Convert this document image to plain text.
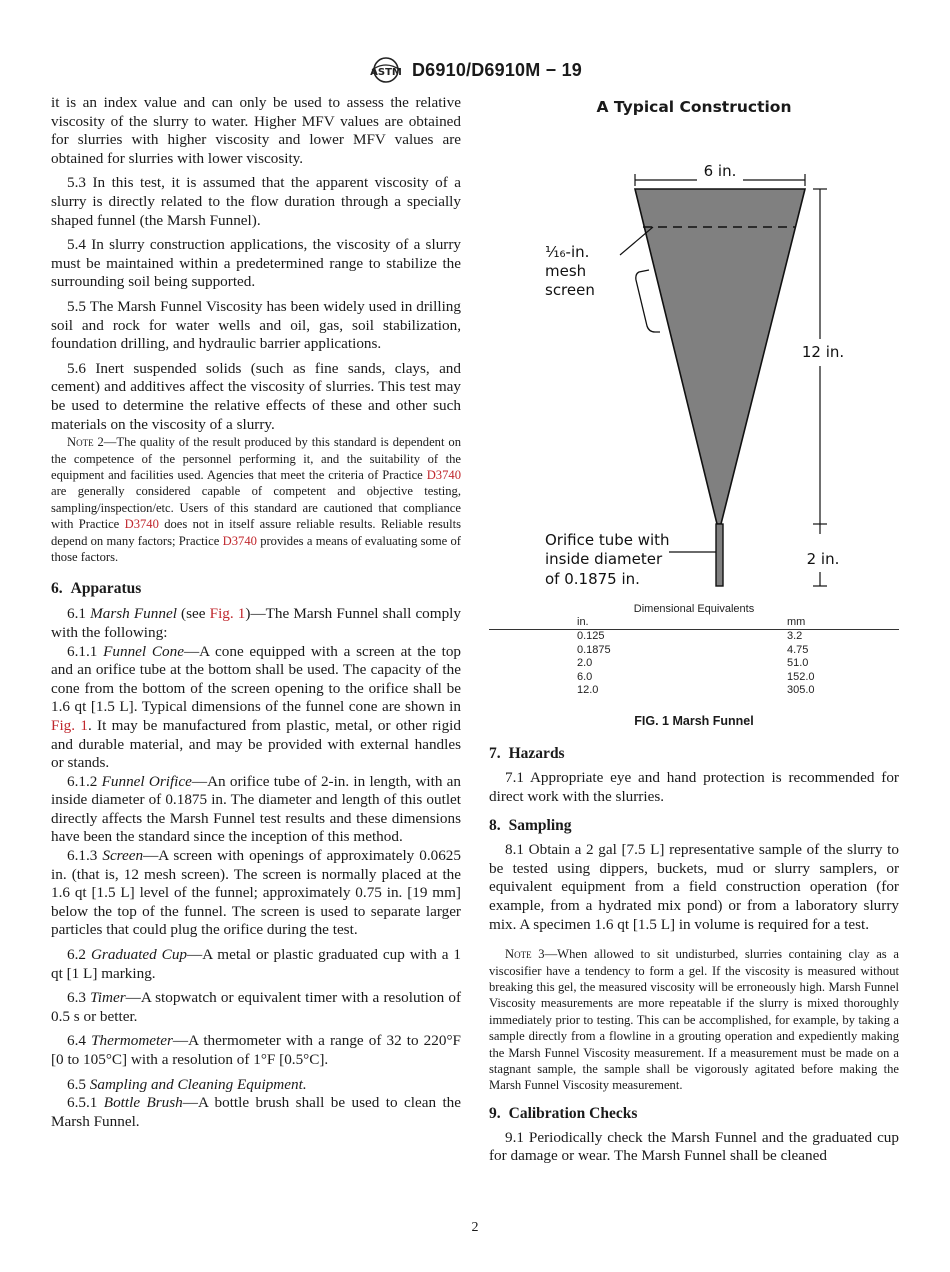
ASTM D6910/D6910M − 19

it is an index value and can only be used to assess the relative viscosity of the slurry to water. Higher MFV values are obtained for slurries with higher viscosity and lower MFV values are obtained for slurries with lower viscosity.

5.3 In this test, it is assumed that the apparent viscosity of a slurry is directly related to the flow duration through a specially shaped funnel (the Marsh Funnel).

5.4 In slurry construction applications, the viscosity of a slurry must be maintained within a predetermined range to stabilize the surrounding soil being supported.

5.5 The Marsh Funnel Viscosity has been widely used in drilling soil and rock for water wells and oil, gas, soil stabilization, foundation drilling, and hydraulic barrier applications.

5.6 Inert suspended solids (such as fine sands, clays, and cement) and additives affect the viscosity of slurries. This test may be used to determine the relative effects of these and other such materials on the viscosity of a slurry.

Note 2—The quality of the result produced by this standard is dependent on the competence of the personnel performing it, and the suitability of the equipment and facilities used. Agencies that meet the criteria of Practice D3740 are generally considered capable of competent and objective testing, sampling/inspection/etc. Users of this standard are cautioned that compliance with Practice D3740 does not in itself assure reliable results. Reliable results depend on many factors; Practice D3740 provides a means of evaluating some of those factors.

6. Apparatus

6.1 Marsh Funnel (see Fig. 1)—The Marsh Funnel shall comply with the following:

6.1.1 Funnel Cone—A cone equipped with a screen at the top and an orifice tube at the bottom shall be used. The capacity of the cone from the bottom of the screen opening to the orifice shall be 1.6 qt [1.5 L]. Typical dimensions of the funnel cone are shown in Fig. 1. It may be manufactured from plastic, metal, or other rigid and durable material, and may be provided with external handles or stands.

6.1.2 Funnel Orifice—An orifice tube of 2-in. in length, with an inside diameter of 0.1875 in. The diameter and length of this outlet directly affects the Marsh Funnel test results and these dimensions have been the standard since the inception of this method.

6.1.3 Screen—A screen with openings of approximately 0.0625 in. (that is, 12 mesh screen). The screen is normally placed at the 1.6 qt [1.5 L] level of the funnel; approximately 0.75 in. [19 mm] below the top of the funnel. The screen is used to separate larger particles that could plug the orifice during the test.

6.2 Graduated Cup—A metal or plastic graduated cup with a 1 qt [1 L] marking.

6.3 Timer—A stopwatch or equivalent timer with a resolution of 0.5 s or better.

6.4 Thermometer—A thermometer with a range of 32 to 220°F [0 to 105°C] with a resolution of 1°F [0.5°C].

6.5 Sampling and Cleaning Equipment.

6.5.1 Bottle Brush—A bottle brush shall be used to clean the Marsh Funnel.

A Typical Construction
6 in.
¹⁄₁₆-in.
mesh
screen
12 in.
2 in.
Orifice tube with
inside diameter
of 0.1875 in.
Dimensional Equivalents
in.	mm
0.125	3.2
0.1875	4.75
2.0	51.0
6.0	152.0
12.0	305.0
FIG. 1 Marsh Funnel
7. Hazards

7.1 Appropriate eye and hand protection is recommended for direct work with the slurries.

8. Sampling

8.1 Obtain a 2 gal [7.5 L] representative sample of the slurry to be tested using dippers, buckets, mud or slurry samplers, or equivalent equipment from a field construction operation (for example, from a hydrated mix pond) or from a laboratory slurry mix. A specimen 1.6 qt [1.5 L] in volume is required for a test.

Note 3—When allowed to sit undisturbed, slurries containing clay as a viscosifier have a tendency to form a gel. If the viscosity is measured without breaking this gel, the measured viscosity will be erroneously high. Marsh Funnel Viscosity measurements are more repeatable if the slurry is mixed thoroughly immediately prior to testing. This can be accomplished, for example, by taking a sample directly from a flowline in a grouting operation and expediently making the Marsh Funnel Viscosity measurement. If a measurement must be made on a stagnant sample, the sample shall be vigorously agitated before making the Marsh Funnel Viscosity measurement.

9. Calibration Checks

9.1 Periodically check the Marsh Funnel and the graduated cup for damage or wear. The Marsh Funnel shall be cleaned

2
